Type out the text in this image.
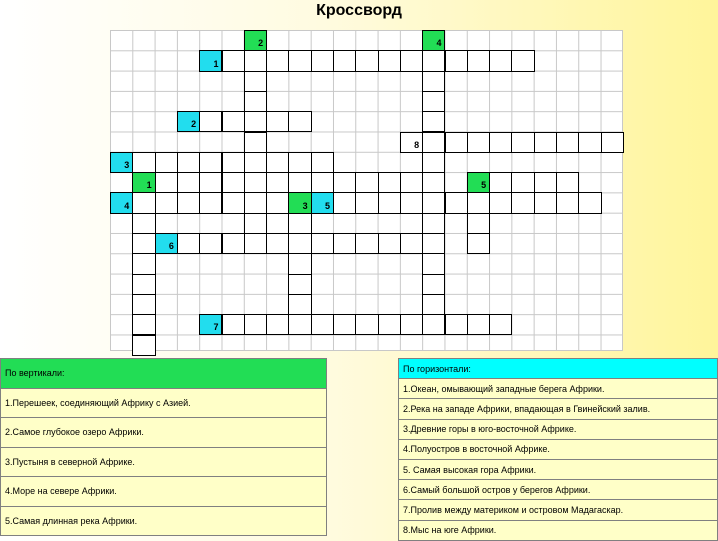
Кроссворд
2	4
1
2
8
3
1	5
4	3 5
6
7
По вертикали:
1.Перешеек, соединяющий Африку с Азией.
2.Самое глубокое озеро Африки.
3.Пустыня в северной Африке.
4.Море на севере Африки.
5.Самая длинная река Африки.
По горизонтали:
1.Океан, омывающий западные берега Африки.
2.Река на западе Африки, впадающая в Гвинейский залив.
3.Древние горы в юго-восточной Африке.
4.Полуостров в восточной Африке.
5. Самая высокая гора Африки.
6.Самый большой остров у берегов Африки.
7.Пролив между материком и островом Мадагаскар.
8.Мыс на юге Африки.
